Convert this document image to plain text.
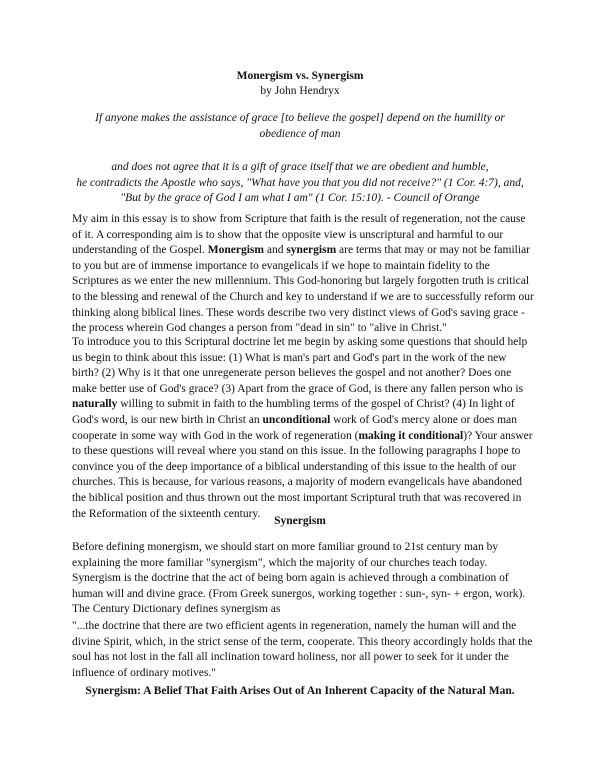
Monergism vs. Synergism
by John Hendryx
If anyone makes the assistance of grace [to believe the gospel] depend on the humility or obedience of man
and does not agree that it is a gift of grace itself that we are obedient and humble,
he contradicts the Apostle who says, "What have you that you did not receive?" (1 Cor. 4:7), and,
"But by the grace of God I am what I am" (1 Cor. 15:10). - Council of Orange

My aim in this essay is to show from Scripture that faith is the result of regeneration, not the cause of it. A corresponding aim is to show that the opposite view is unscriptural and harmful to our understanding of the Gospel. Monergism and synergism are terms that may or may not be familiar to you but are of immense importance to evangelicals if we hope to maintain fidelity to the Scriptures as we enter the new millennium. This God-honoring but largely forgotten truth is critical to the blessing and renewal of the Church and key to understand if we are to successfully reform our thinking along biblical lines. These words describe two very distinct views of God's saving grace - the process wherein God changes a person from "dead in sin" to "alive in Christ."

To introduce you to this Scriptural doctrine let me begin by asking some questions that should help us begin to think about this issue: (1) What is man's part and God's part in the work of the new birth? (2) Why is it that one unregenerate person believes the gospel and not another? Does one make better use of God's grace? (3) Apart from the grace of God, is there any fallen person who is naturally willing to submit in faith to the humbling terms of the gospel of Christ? (4) In light of God's word, is our new birth in Christ an unconditional work of God's mercy alone or does man cooperate in some way with God in the work of regeneration (making it conditional)? Your answer to these questions will reveal where you stand on this issue. In the following paragraphs I hope to convince you of the deep importance of a biblical understanding of this issue to the health of our churches. This is because, for various reasons, a majority of modern evangelicals have abandoned the biblical position and thus thrown out the most important Scriptural truth that was recovered in the Reformation of the sixteenth century.

Synergism

Before defining monergism, we should start on more familiar ground to 21st century man by explaining the more familiar "synergism", which the majority of our churches teach today. Synergism is the doctrine that the act of being born again is achieved through a combination of human will and divine grace. (From Greek sunergos, working together : sun-, syn- + ergon, work). The Century Dictionary defines synergism as

"...the doctrine that there are two efficient agents in regeneration, namely the human will and the divine Spirit, which, in the strict sense of the term, cooperate. This theory accordingly holds that the soul has not lost in the fall all inclination toward holiness, nor all power to seek for it under the influence of ordinary motives."

Synergism: A Belief That Faith Arises Out of An Inherent Capacity of the Natural Man.
